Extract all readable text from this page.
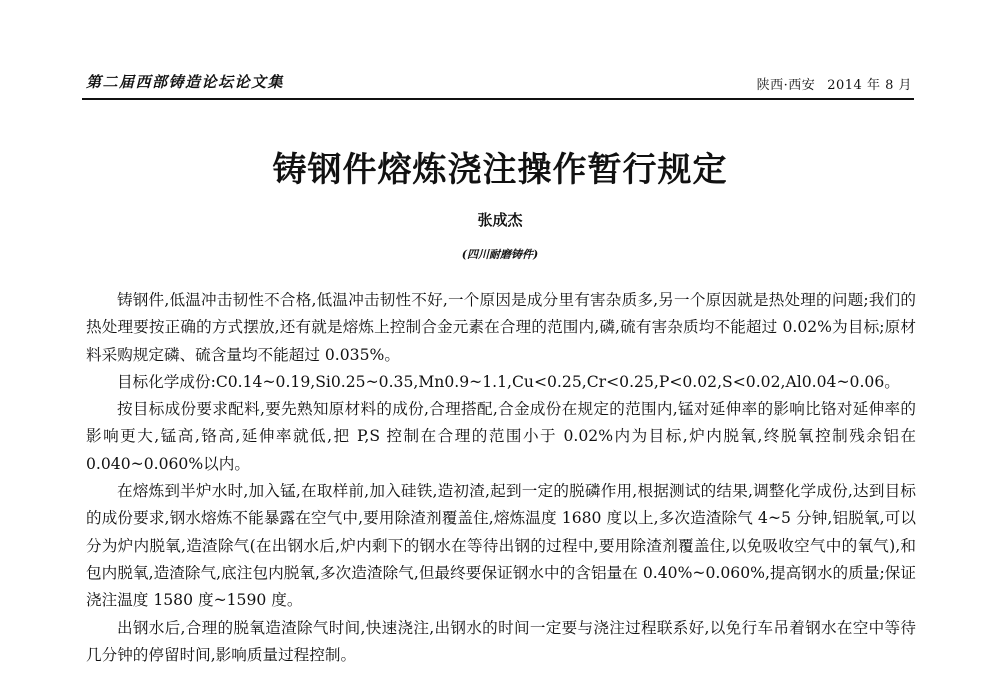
第二届西部铸造论坛论文集	陕西·西安 2014 年 8 月
铸钢件熔炼浇注操作暂行规定
张成杰
(四川耐磨铸件)

铸钢件,低温冲击韧性不合格,低温冲击韧性不好,一个原因是成分里有害杂质多,另一个原因就是热处理的问题;我们的热处理要按正确的方式摆放,还有就是熔炼上控制合金元素在合理的范围内,磷,硫有害杂质均不能超过 0.02%为目标;原材料采购规定磷、硫含量均不能超过 0.035%。

目标化学成份:C0.14~0.19,Si0.25~0.35,Mn0.9~1.1,Cu<0.25,Cr<0.25,P<0.02,S<0.02,Al0.04~0.06。

按目标成份要求配料,要先熟知原材料的成份,合理搭配,合金成份在规定的范围内,锰对延伸率的影响比铬对延伸率的影响更大,锰高,铬高,延伸率就低,把 P,S 控制在合理的范围小于 0.02%内为目标,炉内脱氧,终脱氧控制残余铝在 0.040~0.060%以内。

在熔炼到半炉水时,加入锰,在取样前,加入硅铁,造初渣,起到一定的脱磷作用,根据测试的结果,调整化学成份,达到目标的成份要求,钢水熔炼不能暴露在空气中,要用除渣剂覆盖住,熔炼温度 1680 度以上,多次造渣除气 4~5 分钟,铝脱氧,可以分为炉内脱氧,造渣除气(在出钢水后,炉内剩下的钢水在等待出钢的过程中,要用除渣剂覆盖住,以免吸收空气中的氧气),和包内脱氧,造渣除气,底注包内脱氧,多次造渣除气,但最终要保证钢水中的含铝量在 0.40%~0.060%,提高钢水的质量;保证浇注温度 1580 度~1590 度。

出钢水后,合理的脱氧造渣除气时间,快速浇注,出钢水的时间一定要与浇注过程联系好,以免行车吊着钢水在空中等待几分钟的停留时间,影响质量过程控制。
